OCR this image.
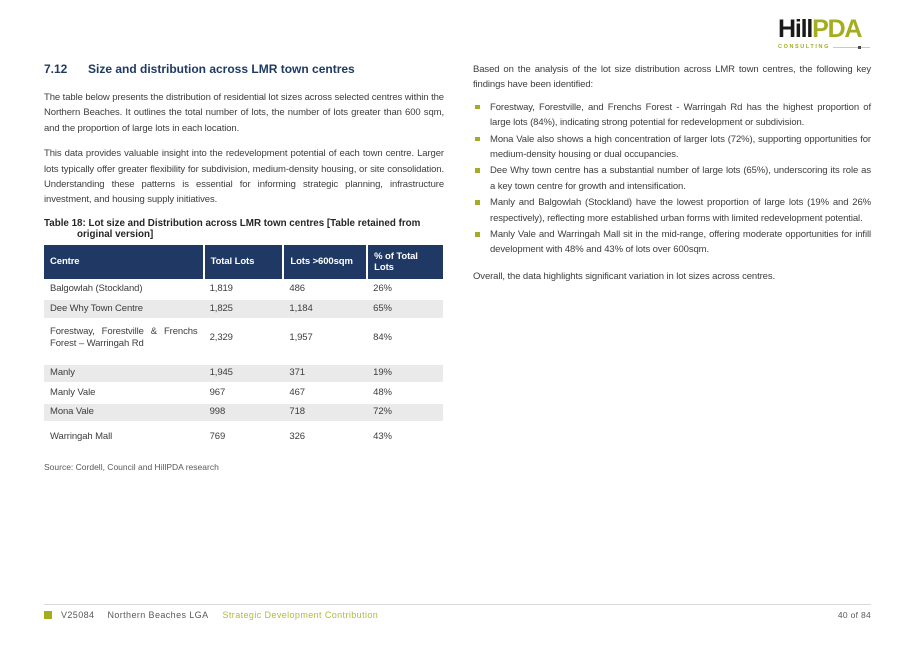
HillPDA
CONSULTING
7.12	Size and distribution across LMR town centres

The table below presents the distribution of residential lot sizes across selected centres within the Northern Beaches. It outlines the total number of lots, the number of lots greater than 600 sqm, and the proportion of large lots in each location.

This data provides valuable insight into the redevelopment potential of each town centre. Larger lots typically offer greater flexibility for subdivision, medium-density housing, or site consolidation. Understanding these patterns is essential for informing strategic planning, infrastructure investment, and housing supply initiatives.

Table 18: Lot size and Distribution across LMR town centres [Table retained from original version]

Centre	Total Lots	Lots >600sqm	% of Total Lots
Balgowlah (Stockland)	1,819	486	26%
Dee Why Town Centre	1,825	1,184	65%
Forestway, Forestville & Frenchs Forest – Warringah Rd	2,329	1,957	84%
Manly	1,945	371	19%
Manly Vale	967	467	48%
Mona Vale	998	718	72%
Warringah Mall	769	326	43%

Source: Cordell, Council and HillPDA research

Based on the analysis of the lot size distribution across LMR town centres, the following key findings have been identified:

Forestway, Forestville, and Frenchs Forest - Warringah Rd has the highest proportion of large lots (84%), indicating strong potential for redevelopment or subdivision.
Mona Vale also shows a high concentration of larger lots (72%), supporting opportunities for medium-density housing or dual occupancies.
Dee Why town centre has a substantial number of large lots (65%), underscoring its role as a key town centre for growth and intensification.
Manly and Balgowlah (Stockland) have the lowest proportion of large lots (19% and 26% respectively), reflecting more established urban forms with limited redevelopment potential.
Manly Vale and Warringah Mall sit in the mid-range, offering moderate opportunities for infill development with 48% and 43% of lots over 600sqm.

Overall, the data highlights significant variation in lot sizes across centres.

V25084 Northern Beaches LGA Strategic Development Contribution	40 of 84
